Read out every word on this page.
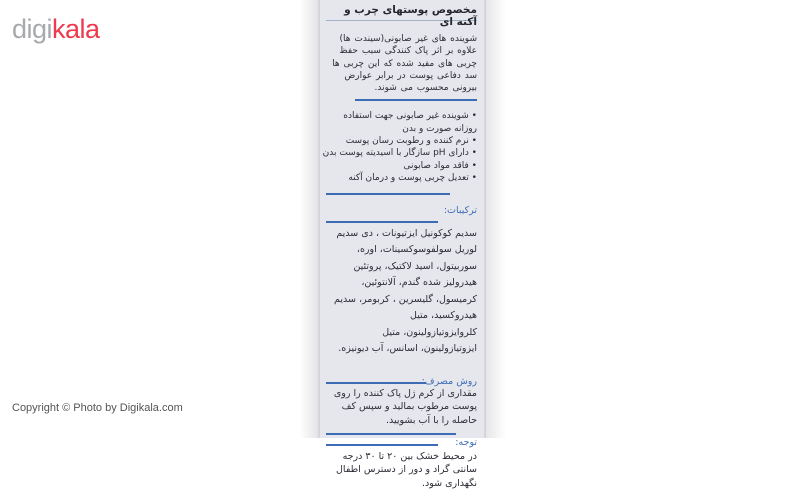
digikala
مخصوص پوستهای چرب و آکنه ای
شوینده های غیر صابونی(سیندت ها)
علاوه بر اثر پاک کنندگی سبب حفظ
چربی های مفید شده که این چربی ها
سد دفاعی پوست در برابر عوارض
بیرونی محسوب می شوند.
• شوینده غیر صابونی جهت استفاده
روزانه صورت و بدن
• نرم کننده و رطوبت رسان پوست
• دارای pH سازگار با اسیدیته پوست بدن
• فاقد مواد صابونی
• تعدیل چربی پوست و درمان آکنه
ترکیبات:
سدیم کوکونیل ایزتیونات ، دی سدیم
لوریل سولفوسوکسینات، اوره،
سوربیتول، اسید لاکتیک، پروتئین
هیدرولیز شده گندم، آلانتوئین،
کرمیسول، گلیسرین ، کربومر، سدیم
هیدروکسید، متیل
کلروایزوتیازولینون، متیل
ایزوتیازولینون، اسانس، آب دیونیزه.
روش مصرف:
مقداری از کرم ژل پاک کننده را روی
پوست مرطوب بمالید و سپس کف
حاصله را با آب بشویید.
توجه:
در محیط خشک بین ۲۰ تا ۳۰ درجه
سانتی گراد و دور از دسترس اطفال
نگهداری شود.
Copyright © Photo by Digikala.com
